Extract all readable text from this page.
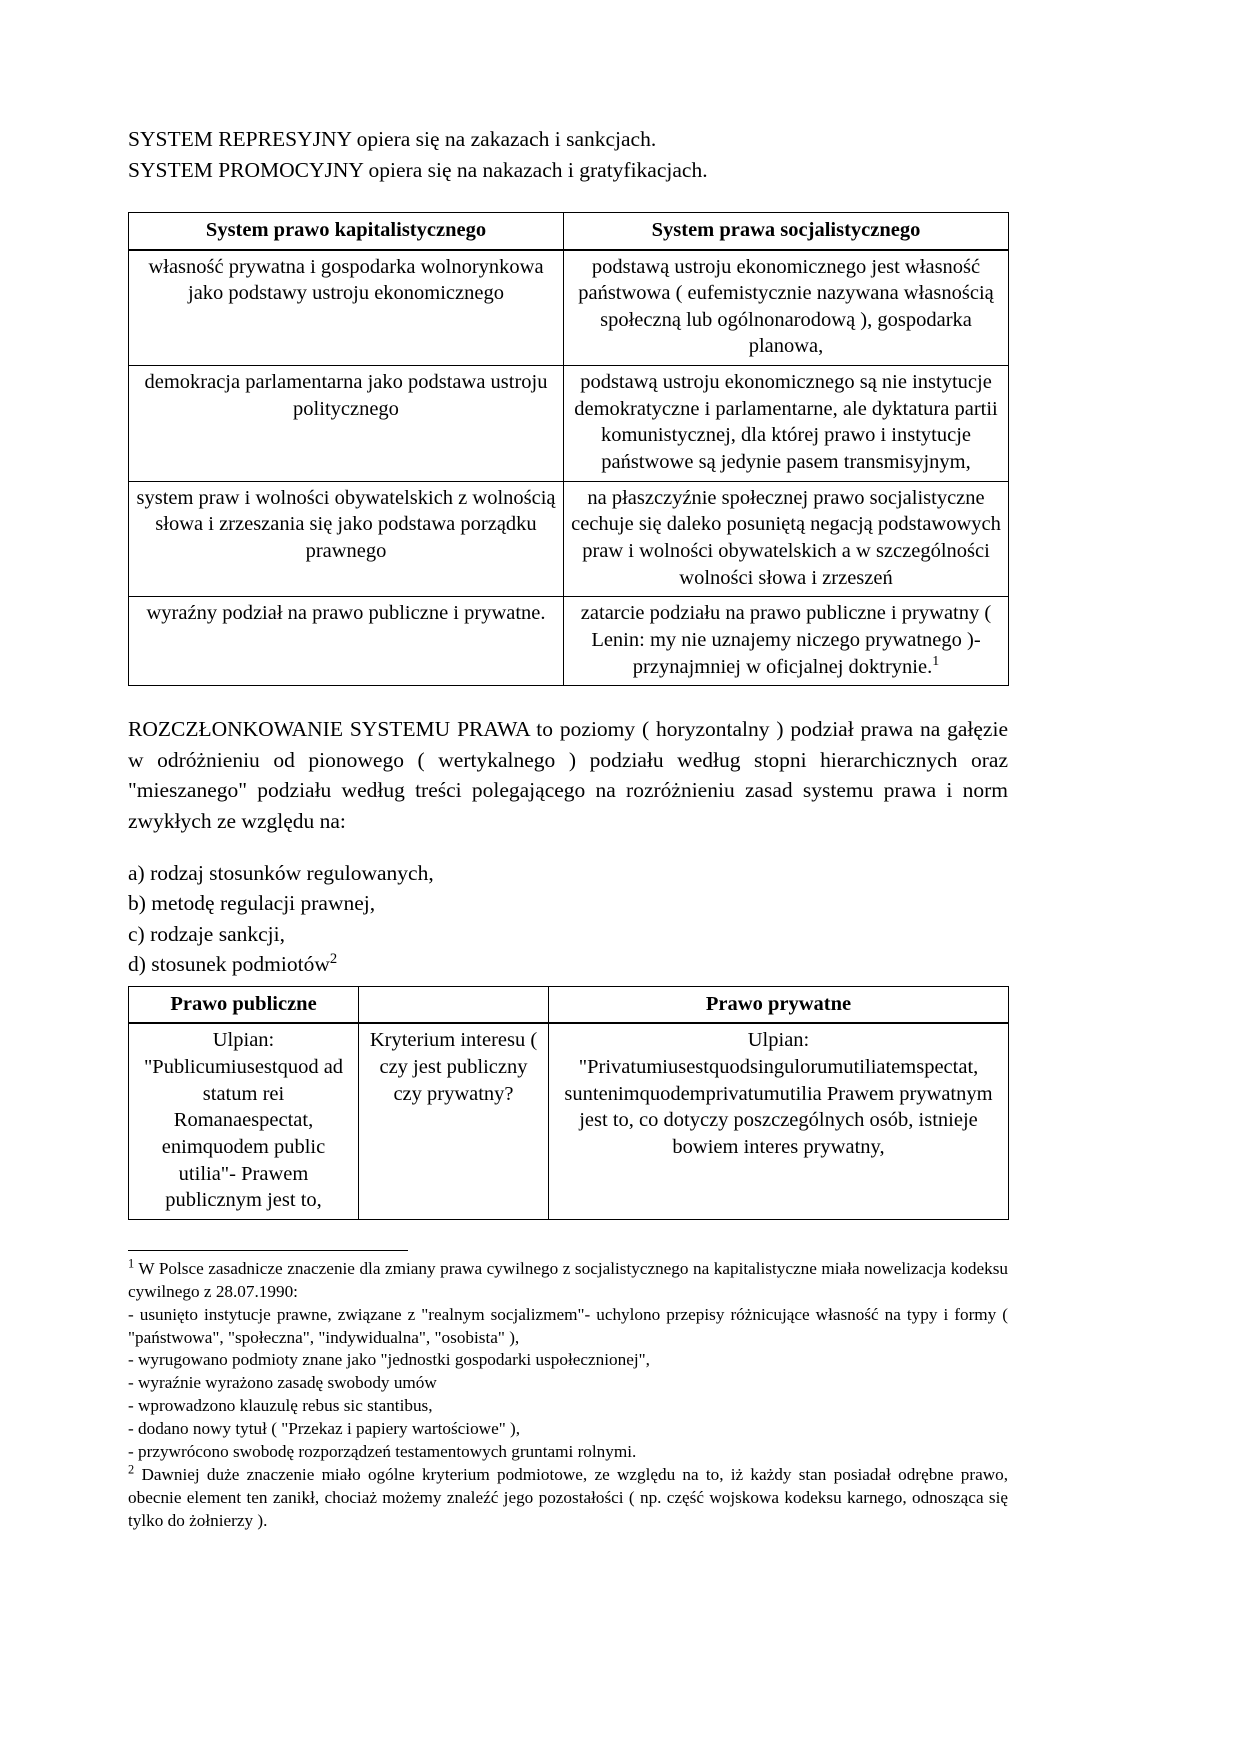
SYSTEM REPRESYJNY opiera się na zakazach i sankcjach.
SYSTEM PROMOCYJNY opiera się na nakazach i gratyfikacjach.
System prawo kapitalistycznego	System prawa socjalistycznego
własność prywatna i gospodarka wolnorynkowa jako podstawy ustroju ekonomicznego	podstawą ustroju ekonomicznego jest własność państwowa ( eufemistycznie nazywana własnością społeczną lub ogólnonarodową ), gospodarka planowa,
demokracja parlamentarna jako podstawa ustroju politycznego	podstawą ustroju ekonomicznego są nie instytucje demokratyczne i parlamentarne, ale dyktatura partii komunistycznej, dla której prawo i instytucje państwowe są jedynie pasem transmisyjnym,
system praw i wolności obywatelskich z wolnością słowa i zrzeszania się jako podstawa porządku prawnego	na płaszczyźnie społecznej prawo socjalistyczne cechuje się daleko posuniętą negacją podstawowych praw i wolności obywatelskich a w szczególności wolności słowa i zrzeszeń
wyraźny podział na prawo publiczne i prywatne.	zatarcie podziału na prawo publiczne i prywatny ( Lenin: my nie uznajemy niczego prywatnego )- przynajmniej w oficjalnej doktrynie.$^1$

ROZCZŁONKOWANIE SYSTEMU PRAWA to poziomy ( horyzontalny ) podział prawa na gałęzie w odróżnieniu od pionowego ( wertykalnego ) podziału według stopni hierarchicznych oraz "mieszanego" podziału według treści polegającego na rozróżnieniu zasad systemu prawa i norm zwykłych ze względu na:

a) rodzaj stosunków regulowanych,
b) metodę regulacji prawnej,
c) rodzaje sankcji,
d) stosunek podmiotów$^2$
Prawo publiczne		Prawo prywatne
Ulpian: "Publicumiusestquod ad statum rei Romanaespectat, enimquodem public utilia"- Prawem publicznym jest to,	Kryterium interesu ( czy jest publiczny czy prywatny?	Ulpian: "Privatumiusestquodsingulorumutiliatemspectat, suntenimquodemprivatumutilia Prawem prywatnym jest to, co dotyczy poszczególnych osób, istnieje bowiem interes prywatny,

$^1$ W Polsce zasadnicze znaczenie dla zmiany prawa cywilnego z socjalistycznego na kapitalistyczne miała nowelizacja kodeksu cywilnego z 28.07.1990:

- usunięto instytucje prawne, związane z "realnym socjalizmem"- uchylono przepisy różnicujące własność na typy i formy ( "państwowa", "społeczna", "indywidualna", "osobista" ),

- wyrugowano podmioty znane jako "jednostki gospodarki uspołecznionej",

- wyraźnie wyrażono zasadę swobody umów

- wprowadzono klauzulę rebus sic stantibus,

- dodano nowy tytuł ( "Przekaz i papiery wartościowe" ),

- przywrócono swobodę rozporządzeń testamentowych gruntami rolnymi.

$^2$ Dawniej duże znaczenie miało ogólne kryterium podmiotowe, ze względu na to, iż każdy stan posiadał odrębne prawo, obecnie element ten zanikł, chociaż możemy znaleźć jego pozostałości ( np. część wojskowa kodeksu karnego, odnosząca się tylko do żołnierzy ).
